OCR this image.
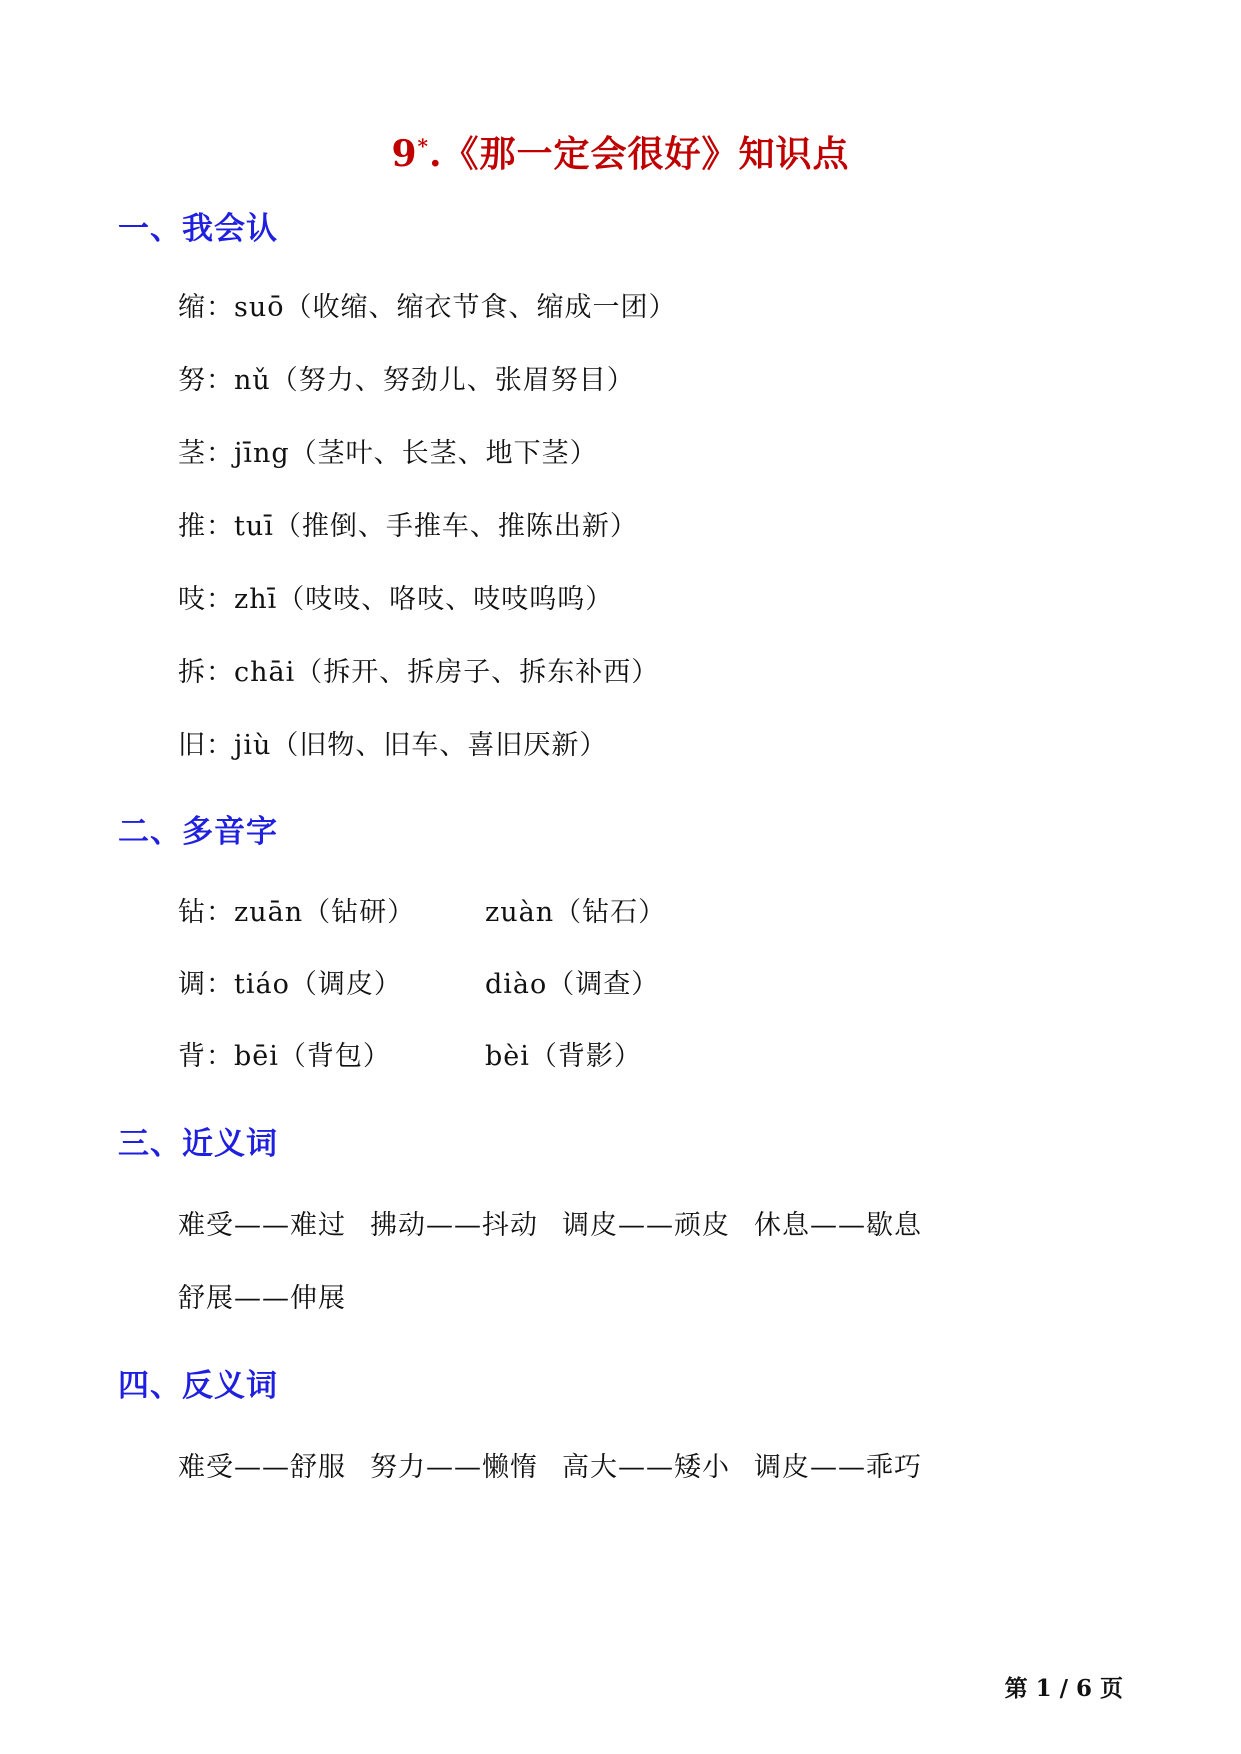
9*.《那一定会很好》知识点
一、我会认
缩：suō（收缩、缩衣节食、缩成一团）
努：nǔ（努力、努劲儿、张眉努目）
茎：jīng（茎叶、长茎、地下茎）
推：tuī（推倒、手推车、推陈出新）
吱：zhī（吱吱、咯吱、吱吱呜呜）
拆：chāi（拆开、拆房子、拆东补西）
旧：jiù（旧物、旧车、喜旧厌新）
二、多音字
钻：zuān（钻研）	zuàn（钻石）
调：tiáo（调皮）	diào（调查）
背：bēi（背包）	bèi（背影）
三、近义词
难受——难过 拂动——抖动 调皮——顽皮 休息——歇息
舒展——伸展
四、反义词
难受——舒服 努力——懒惰 高大——矮小 调皮——乖巧
第 1 / 6 页
